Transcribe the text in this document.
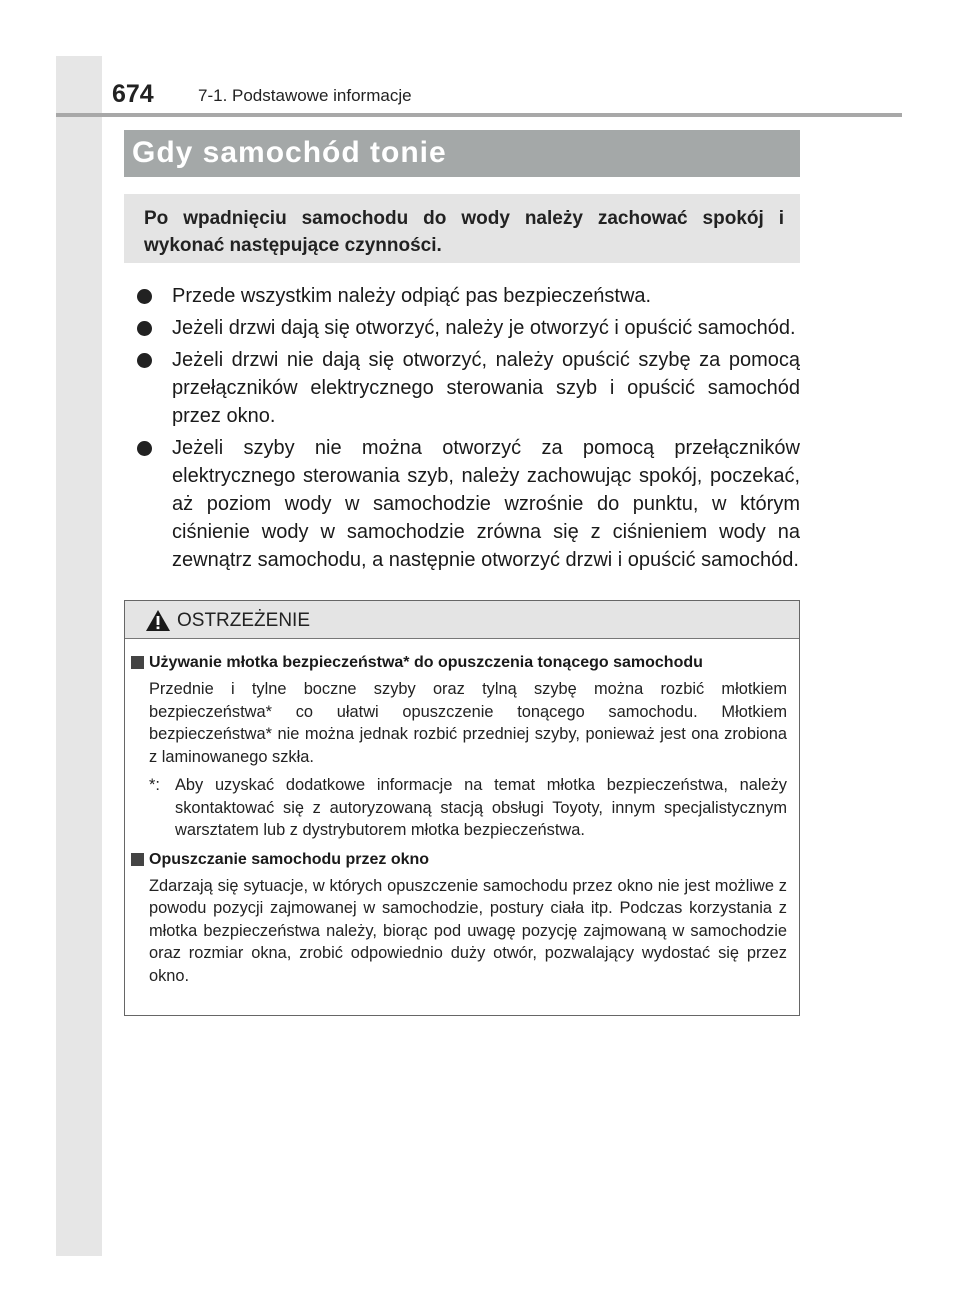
674	7-1. Podstawowe informacje
Gdy samochód tonie
Po wpadnięciu samochodu do wody należy zachować spokój i wykonać następujące czynności.
Przede wszystkim należy odpiąć pas bezpieczeństwa.
Jeżeli drzwi dają się otworzyć, należy je otworzyć i opuścić samochód.
Jeżeli drzwi nie dają się otworzyć, należy opuścić szybę za pomocą przełączników elektrycznego sterowania szyb i opuścić samochód przez okno.
Jeżeli szyby nie można otworzyć za pomocą przełączników elektrycznego sterowania szyb, należy zachowując spokój, poczekać, aż poziom wody w samochodzie wzrośnie do punktu, w którym ciśnienie wody w samochodzie zrówna się z ciśnieniem wody na zewnątrz samochodu, a następnie otworzyć drzwi i opuścić samochód.
OSTRZEŻENIE
Używanie młotka bezpieczeństwa* do opuszczenia tonącego samochodu
Przednie i tylne boczne szyby oraz tylną szybę można rozbić młotkiem bezpieczeństwa* co ułatwi opuszczenie tonącego samochodu. Młotkiem bezpieczeństwa* nie można jednak rozbić przedniej szyby, ponieważ jest ona zrobiona z laminowanego szkła.
*: Aby uzyskać dodatkowe informacje na temat młotka bezpieczeństwa, należy skontaktować się z autoryzowaną stacją obsługi Toyoty, innym specjalistycznym warsztatem lub z dystrybutorem młotka bezpieczeństwa.
Opuszczanie samochodu przez okno
Zdarzają się sytuacje, w których opuszczenie samochodu przez okno nie jest możliwe z powodu pozycji zajmowanej w samochodzie, postury ciała itp. Podczas korzystania z młotka bezpieczeństwa należy, biorąc pod uwagę pozycję zajmowaną w samochodzie oraz rozmiar okna, zrobić odpowiednio duży otwór, pozwalający wydostać się przez okno.
